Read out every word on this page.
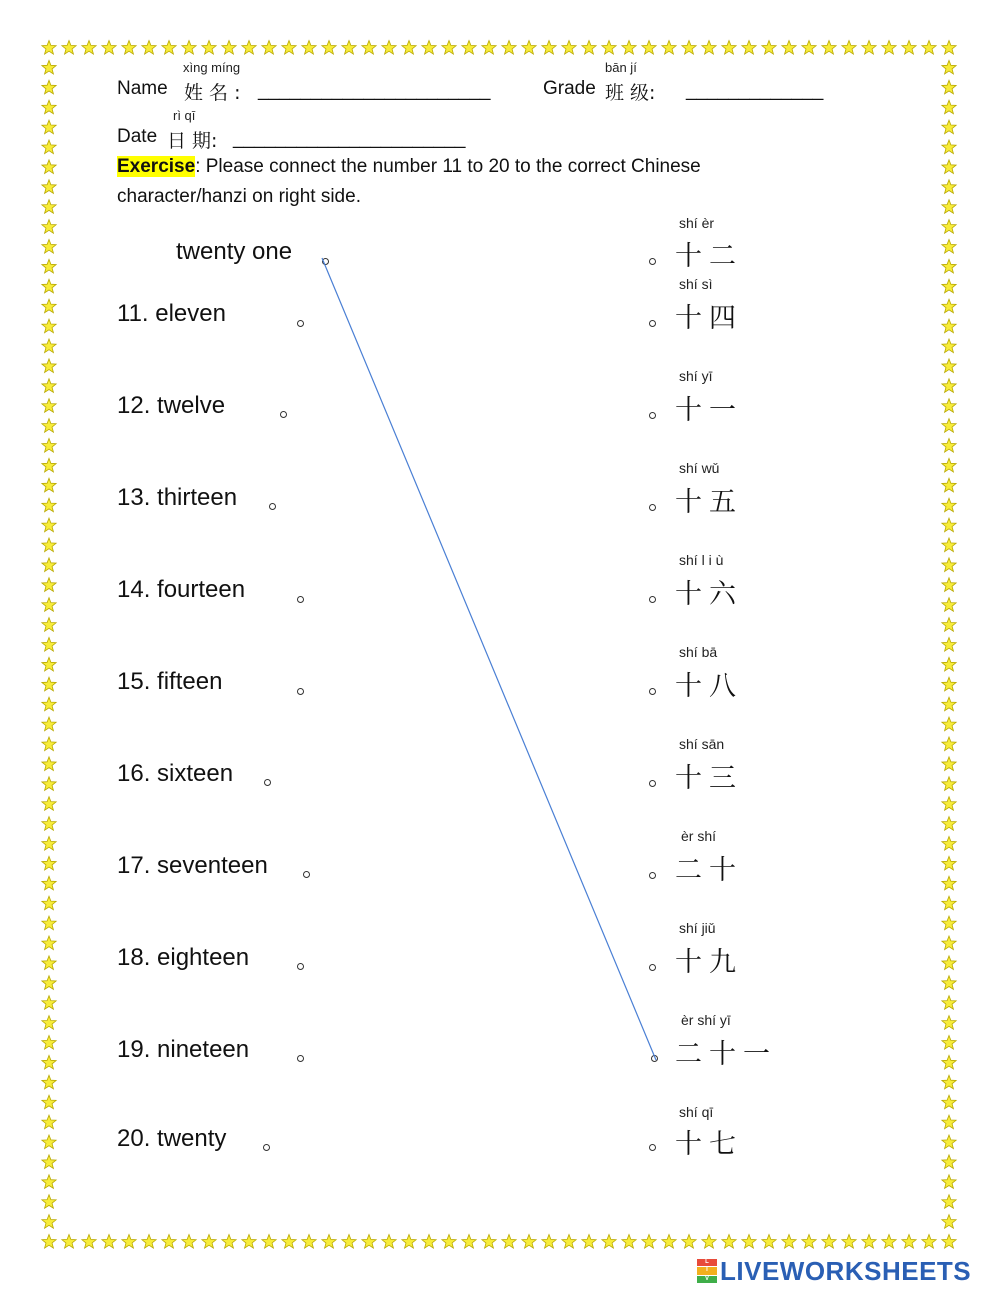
Name
xìng míng
姓 名 : ______________________	Grade
bān jí
班 级: _____________
rì qī
Date 日 期: ______________________
Exercise: Please connect the number 11 to 20 to the correct Chinese
character/hanzi on right side.
twenty one
11. eleven
12. twelve
13. thirteen
14. fourteen
15. fifteen
16. sixteen
17. seventeen
18. eighteen
19. nineteen
20. twenty
shí èr
shí sì
shí yī
shí wǔ
shí l i ù
shí bā
shí sān
èr shí
shí jiǔ
èr shí yī
shí qī
十二
十四
十一
十五
十六
十八
十三
二十
十九
二十一
十七
L
I
V LIVEWORKSHEETS
